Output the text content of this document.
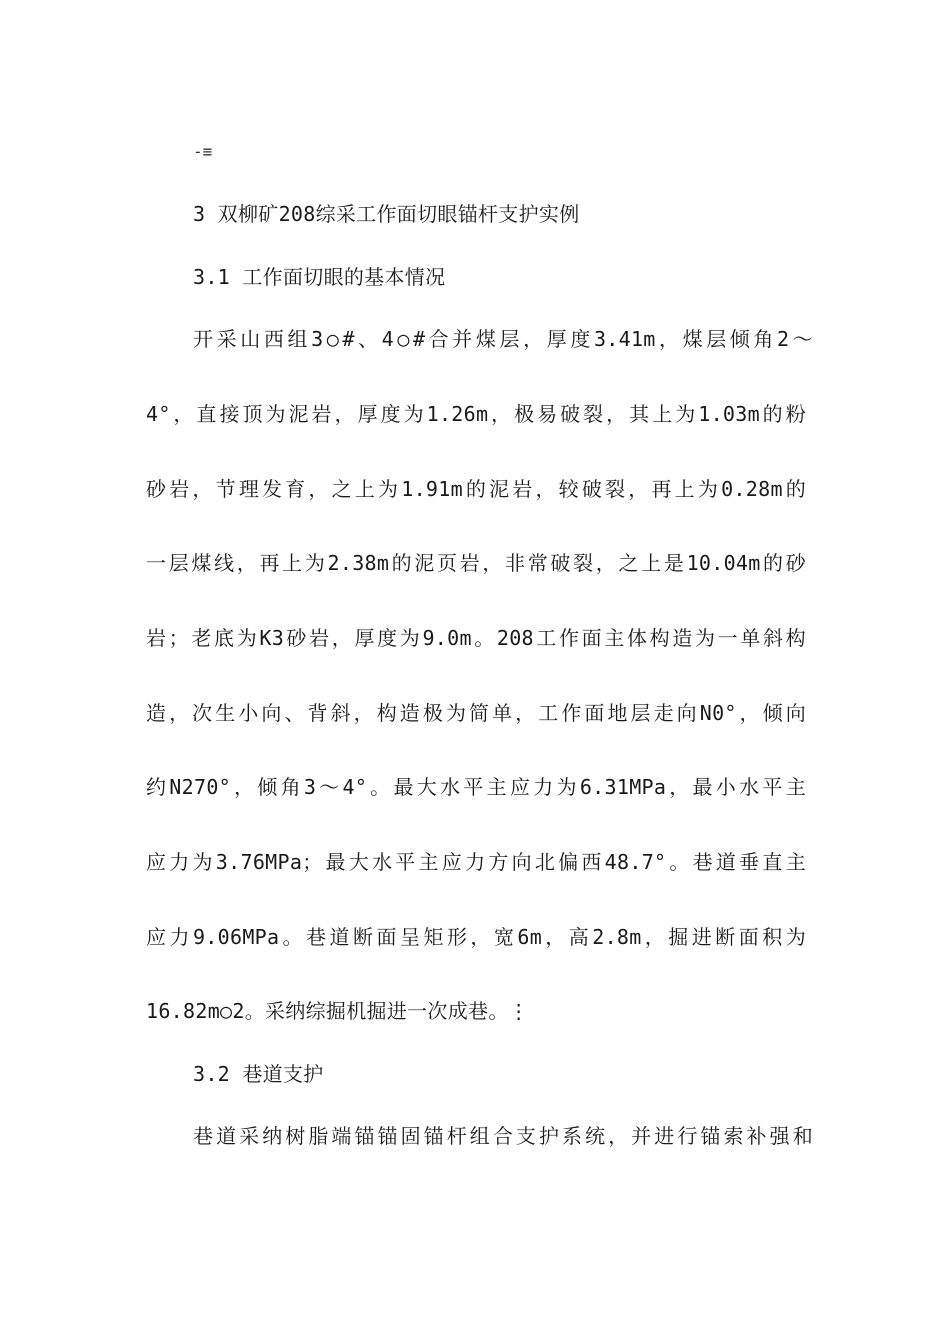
-≡
3 双柳矿208综采工作面切眼锚杆支护实例
3.1 工作面切眼的基本情况
开采山西组3○#、4○#合并煤层，厚度3.41m，煤层倾角2～
4°，直接顶为泥岩，厚度为1.26m，极易破裂，其上为1.03m的粉
砂岩，节理发育，之上为1.91m的泥岩，较破裂，再上为0.28m的
一层煤线，再上为2.38m的泥页岩，非常破裂，之上是10.04m的砂
岩；老底为K3砂岩，厚度为9.0m。208工作面主体构造为一单斜构
造，次生小向、背斜，构造极为简单，工作面地层走向N0°，倾向
约N270°，倾角3～4°。最大水平主应力为6.31MPa，最小水平主
应力为3.76MPa；最大水平主应力方向北偏西48.7°。巷道垂直主
应力9.06MPa。巷道断面呈矩形，宽6m，高2.8m，掘进断面积为
16.82m○2。采纳综掘机掘进一次成巷。⋮
3.2 巷道支护
巷道采纳树脂端锚锚固锚杆组合支护系统，并进行锚索补强和
